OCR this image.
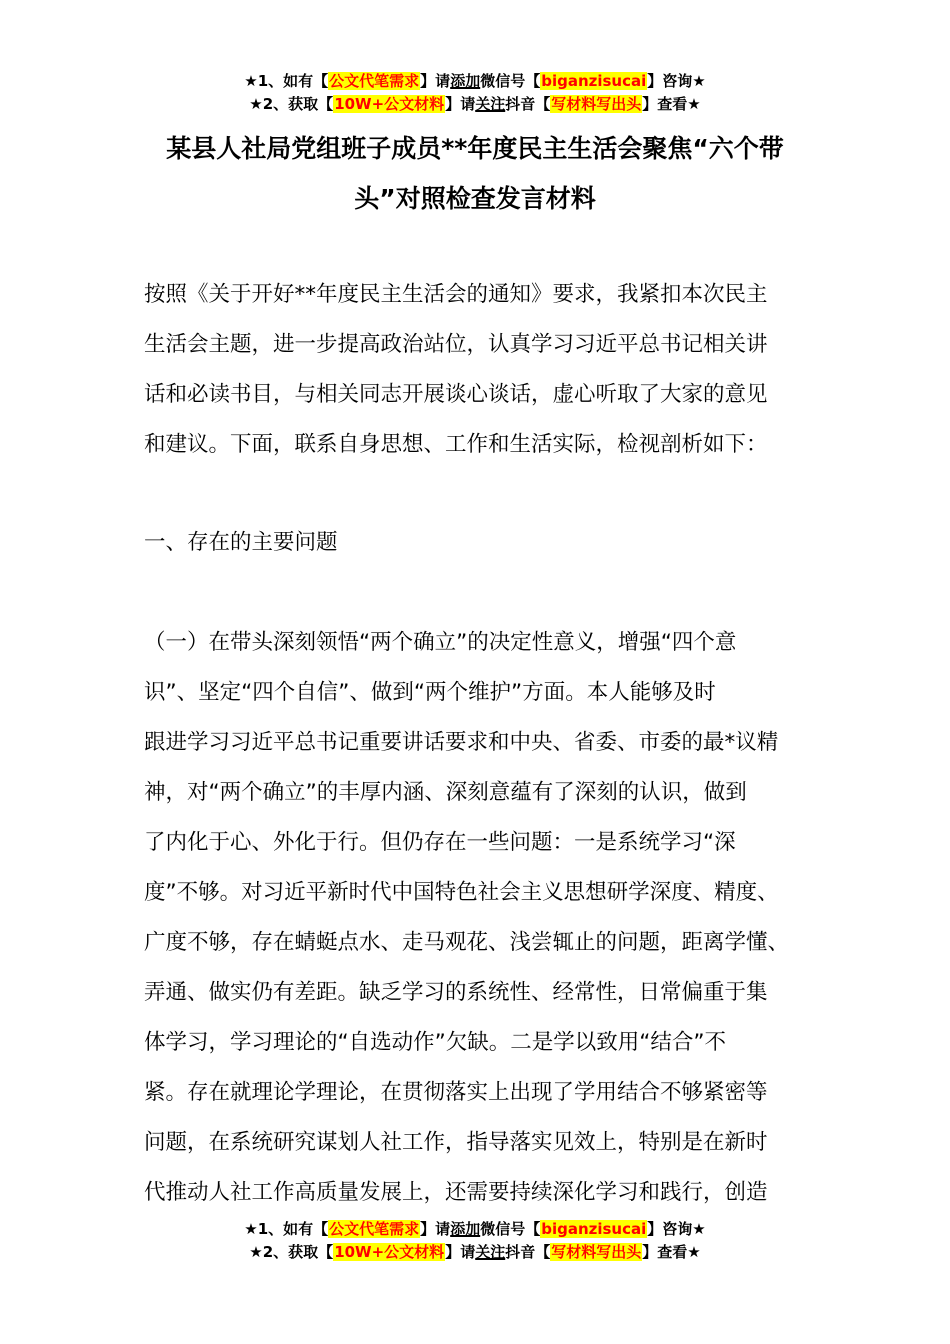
★1、如有【公文代笔需求】请添加微信号【biganzisucai】咨询★
★2、获取【10W+公文材料】请关注抖音【写材料写出头】查看★
某县人社局党组班子成员**年度民主生活会聚焦“六个带
头”对照检查发言材料
按照《关于开好**年度民主生活会的通知》要求，我紧扣本次民主
生活会主题，进一步提高政治站位，认真学习习近平总书记相关讲
话和必读书目，与相关同志开展谈心谈话，虚心听取了大家的意见
和建议。下面，联系自身思想、工作和生活实际，检视剖析如下：
一、存在的主要问题
（一）在带头深刻领悟“两个确立”的决定性意义，增强“四个意
识”、坚定“四个自信”、做到“两个维护”方面。本人能够及时
跟进学习习近平总书记重要讲话要求和中央、省委、市委的最*议精
神，对“两个确立”的丰厚内涵、深刻意蕴有了深刻的认识，做到
了内化于心、外化于行。但仍存在一些问题：一是系统学习“深
度”不够。对习近平新时代中国特色社会主义思想研学深度、精度、
广度不够，存在蜻蜓点水、走马观花、浅尝辄止的问题，距离学懂、
弄通、做实仍有差距。缺乏学习的系统性、经常性，日常偏重于集
体学习，学习理论的“自选动作”欠缺。二是学以致用“结合”不
紧。存在就理论学理论，在贯彻落实上出现了学用结合不够紧密等
问题，在系统研究谋划人社工作，指导落实见效上，特别是在新时
代推动人社工作高质量发展上，还需要持续深化学习和践行，创造
★1、如有【公文代笔需求】请添加微信号【biganzisucai】咨询★
★2、获取【10W+公文材料】请关注抖音【写材料写出头】查看★
